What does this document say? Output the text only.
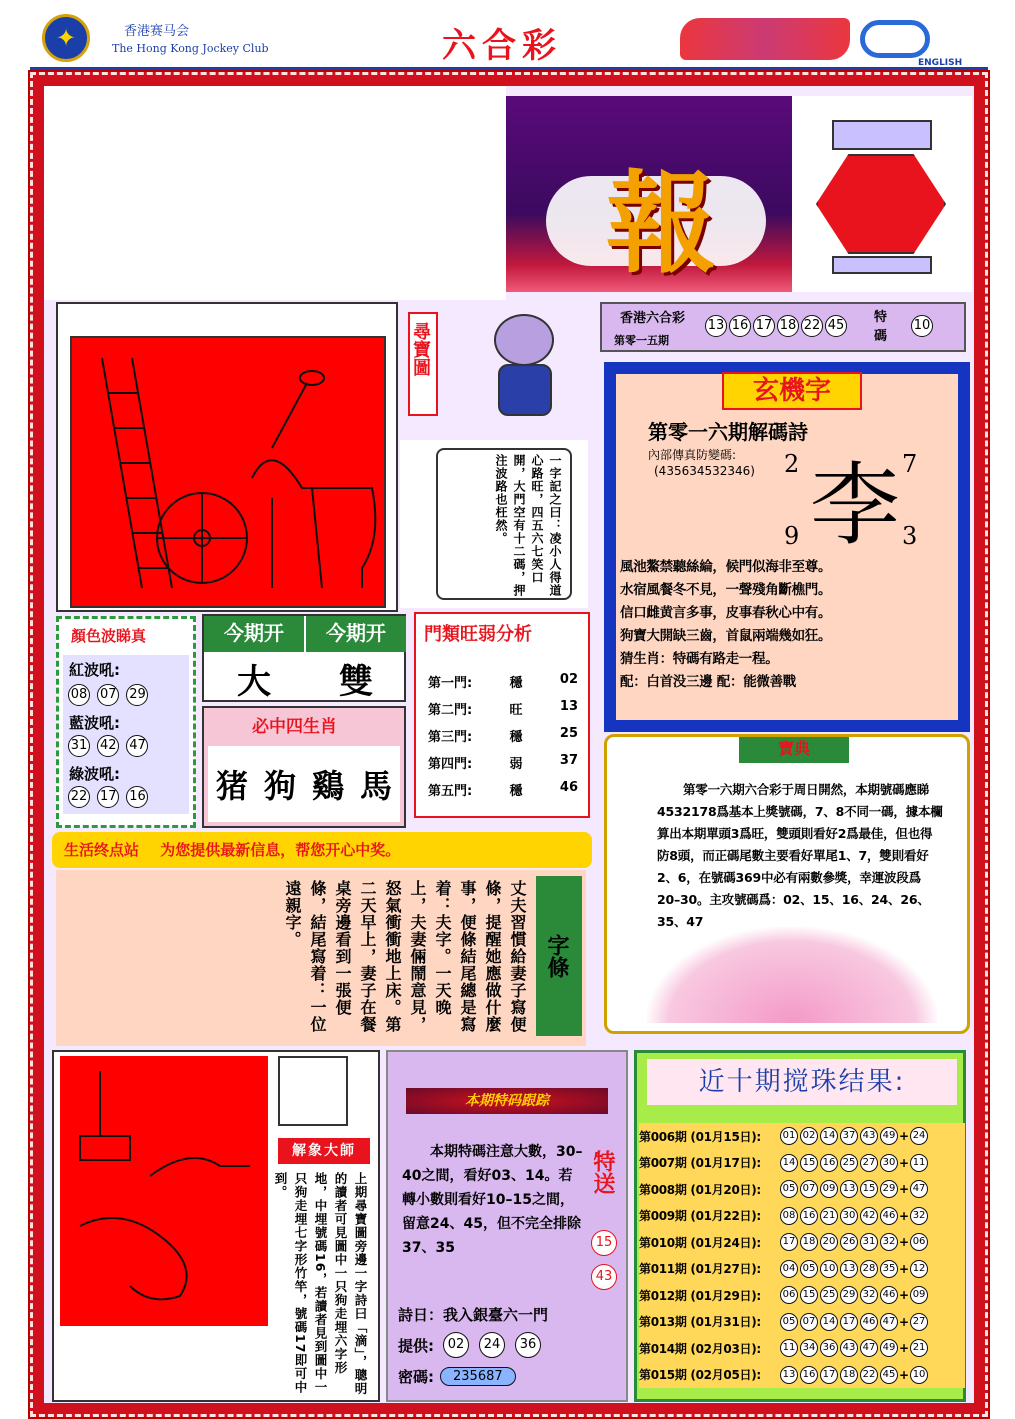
✦	香港赛马会
The Hong Kong Jockey Club	六合彩	ENGLISH
報
尋寶圖
香港六合彩
第零一五期
13 16 17 18 22 45
特碼
10
玄機字
第零一六期解碼詩
內部傳真防變碼:
(435634532346) 李
2	7
9	3
風池鰲禁聽絲綸，候門似海非至尊。
水宿風餐冬不見，一聲殘角斷樵門。
信口雌黄言多事，皮事春秋心中有。
狗寶大開缺三齒，首鼠兩端幾如狂。
猜生肖：特碼有路走一程。
配：白首没三邊 配：能微善戰
一字記之曰：凌小人得道心路旺，四五六七笑口開，大門空有十二碼，押注波路也枉然。
顏色波睇真
紅波吼:
08 07 29
藍波吼:
31 42 47
綠波吼:
22 17 16
今期开	今期开
大	雙
必中四生肖
猪 狗 鷄 馬
門類旺弱分析
第一門:	穩	02
第二門:	旺	13
第三門:	穩	25
第四門:	弱	37
第五門:	穩	46
寶典
第零一六期六合彩于周日開然，本期號碼應睇4532178爲基本上獎號碼，7、8不同一碼，據本欄算出本期單頭3爲旺，雙頭則看好2爲最佳，但也得防8頭，而正碼尾數主要看好單尾1、7，雙則看好2、6，在號碼369中必有兩數參獎，幸運波段爲20–30。主攻號碼爲：02、15、16、24、26、35、47
生活终点站 为您提供最新信息，帮您开心中奖。
丈夫習慣給妻子寫便條，提醒她應做什麼事，便條結尾總是寫着：夫字。一天晚上，夫妻倆鬧意見，怒氣衝衝地上床。第二天早上，妻子在餐桌旁邊看到一張便條，結尾寫着：一位遠親字。
字條
解象大師
上期尋寶圖旁邊一字詩曰「滴」，聰明的讀者可見圖中一只狗走埋六字形地，中埋號碼16，若讀者見到圖中一只狗走埋七字形竹竿，號碼17即可中到。
本期特码跟踪
本期特碼注意大數，30–40之間，看好03、14。若轉小數則看好10–15之間，留意24、45，但不完全排除37、35
特送
15
43
詩日：我入銀臺六一門
提供:	02	24	36
密碼:	235687
近十期搅珠结果:
第006期 (01月15日):	01 02 14 37 43 49 + 24
第007期 (01月17日):	14 15 16 25 27 30 + 11
第008期 (01月20日):	05 07 09 13 15 29 + 47
第009期 (01月22日):	08 16 21 30 42 46 + 32
第010期 (01月24日):	17 18 20 26 31 32 + 06
第011期 (01月27日):	04 05 10 13 28 35 + 12
第012期 (01月29日):	06 15 25 29 32 46 + 09
第013期 (01月31日):	05 07 14 17 46 47 + 27
第014期 (02月03日):	11 34 36 43 47 49 + 21
第015期 (02月05日):	13 16 17 18 22 45 + 10
